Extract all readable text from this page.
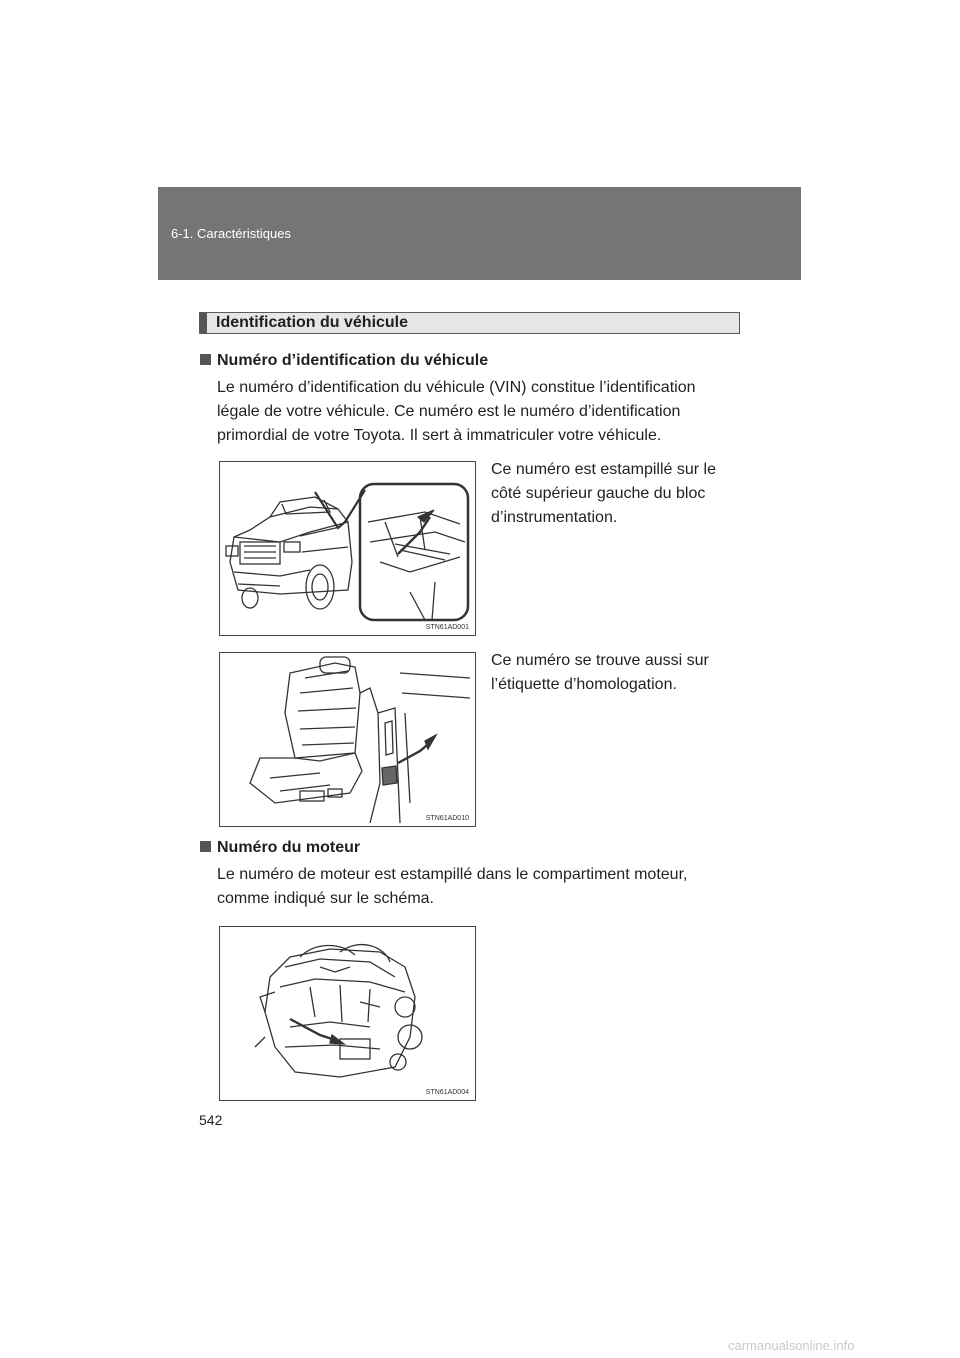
6-1. Caractéristiques
Identification du véhicule
Numéro d’identification du véhicule
Le numéro d’identification du véhicule (VIN) constitue l’identification
légale de votre véhicule. Ce numéro est le numéro d’identification
primordial de votre Toyota. Il sert à immatriculer votre véhicule.
STN61AD001
Ce numéro est estampillé sur le
côté supérieur gauche du bloc
d’instrumentation.
STN61AD010
Ce numéro se trouve aussi sur
l’étiquette d’homologation.
Numéro du moteur
Le numéro de moteur est estampillé dans le compartiment moteur,
comme indiqué sur le schéma.
STN61AD004
542
carmanualsonline.info
